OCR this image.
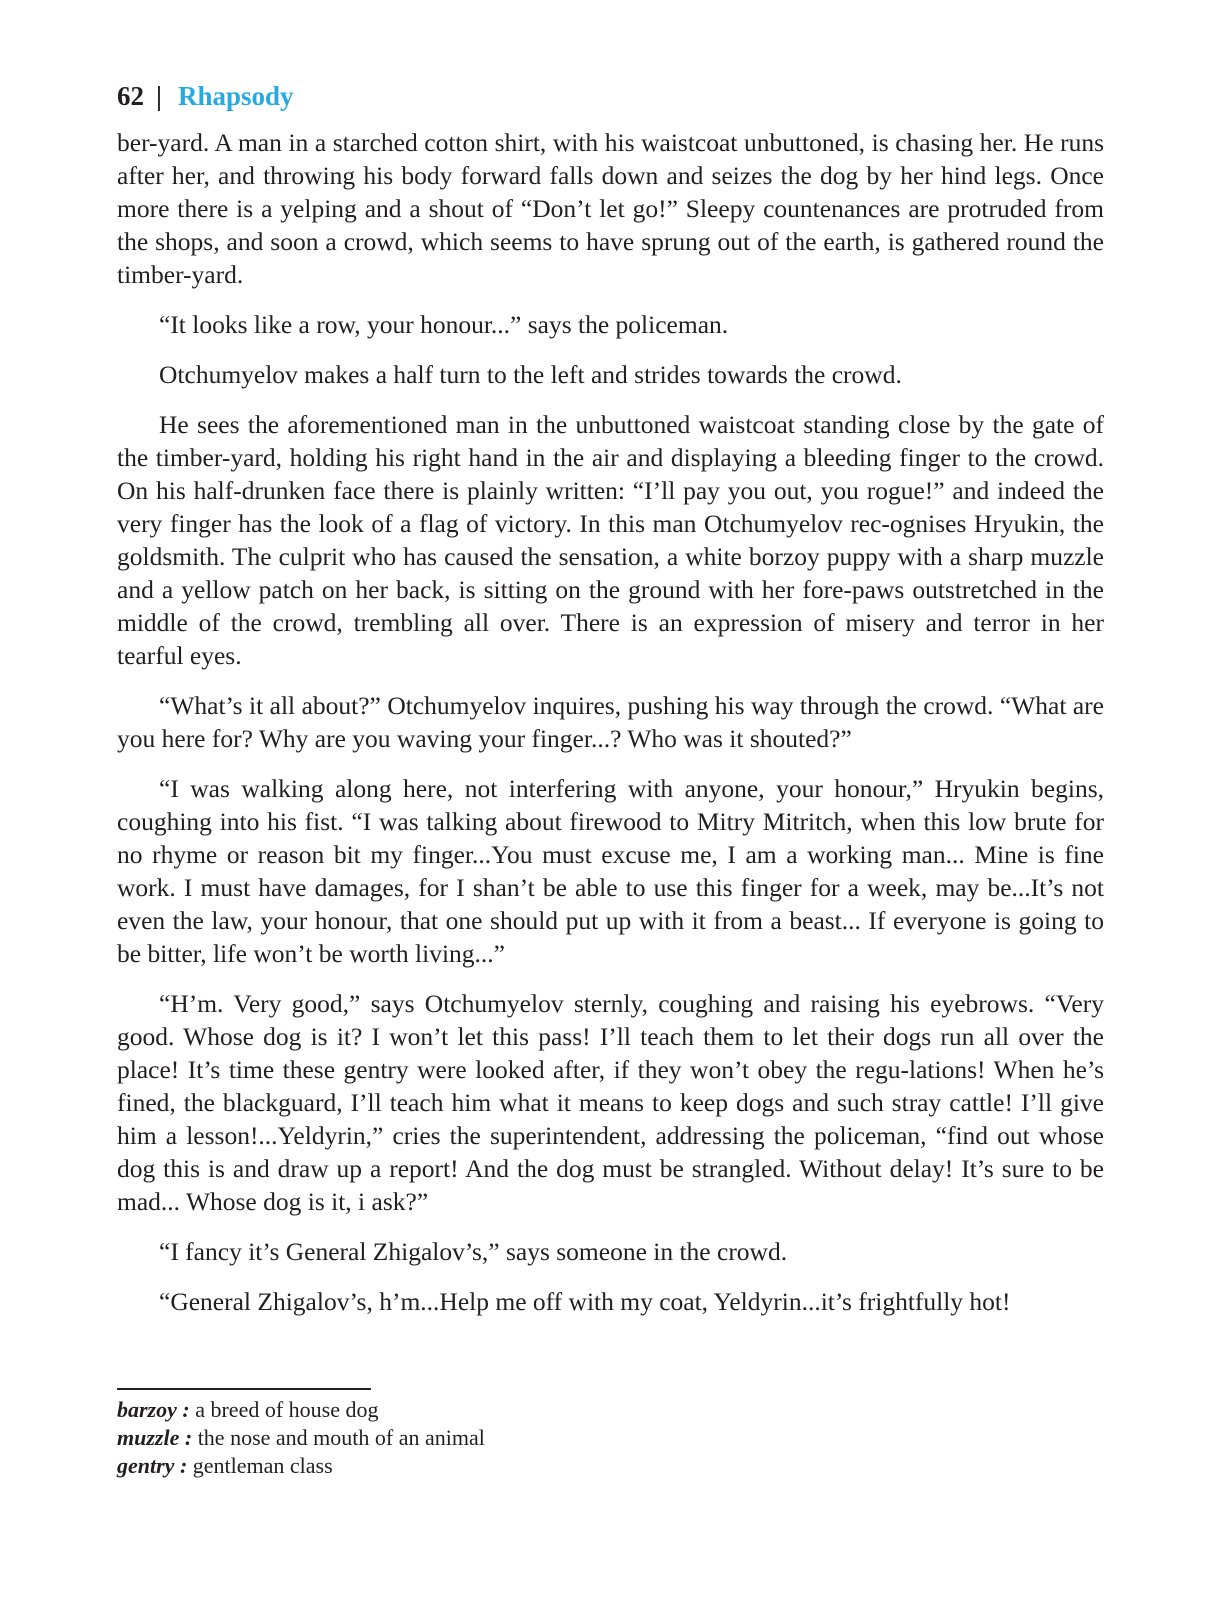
62 | Rhapsody

ber-yard. A man in a starched cotton shirt, with his waistcoat unbuttoned, is chasing her. He runs after her, and throwing his body forward falls down and seizes the dog by her hind legs. Once more there is a yelping and a shout of “Don’t let go!” Sleepy countenances are protruded from the shops, and soon a crowd, which seems to have sprung out of the earth, is gathered round the timber-yard.

“It looks like a row, your honour...” says the policeman.

Otchumyelov makes a half turn to the left and strides towards the crowd.

He sees the aforementioned man in the unbuttoned waistcoat standing close by the gate of the timber-yard, holding his right hand in the air and displaying a bleeding finger to the crowd. On his half-drunken face there is plainly written: “I’ll pay you out, you rogue!” and indeed the very finger has the look of a flag of victory. In this man Otchumyelov rec-ognises Hryukin, the goldsmith. The culprit who has caused the sensation, a white borzoy puppy with a sharp muzzle and a yellow patch on her back, is sitting on the ground with her fore-paws outstretched in the middle of the crowd, trembling all over. There is an expression of misery and terror in her tearful eyes.

“What’s it all about?” Otchumyelov inquires, pushing his way through the crowd. “What are you here for? Why are you waving your finger...? Who was it shouted?”

“I was walking along here, not interfering with anyone, your honour,” Hryukin begins, coughing into his fist. “I was talking about firewood to Mitry Mitritch, when this low brute for no rhyme or reason bit my finger...You must excuse me, I am a working man... Mine is fine work. I must have damages, for I shan’t be able to use this finger for a week, may be...It’s not even the law, your honour, that one should put up with it from a beast... If everyone is going to be bitter, life won’t be worth living...”

“H’m. Very good,” says Otchumyelov sternly, coughing and raising his eyebrows. “Very good. Whose dog is it? I won’t let this pass! I’ll teach them to let their dogs run all over the place! It’s time these gentry were looked after, if they won’t obey the regu-lations! When he’s fined, the blackguard, I’ll teach him what it means to keep dogs and such stray cattle! I’ll give him a lesson!...Yeldyrin,” cries the superintendent, addressing the policeman, “find out whose dog this is and draw up a report! And the dog must be strangled. Without delay! It’s sure to be mad... Whose dog is it, i ask?”

“I fancy it’s General Zhigalov’s,” says someone in the crowd.

“General Zhigalov’s, h’m...Help me off with my coat, Yeldyrin...it’s frightfully hot!

barzoy : a breed of house dog
muzzle : the nose and mouth of an animal
gentry : gentleman class
